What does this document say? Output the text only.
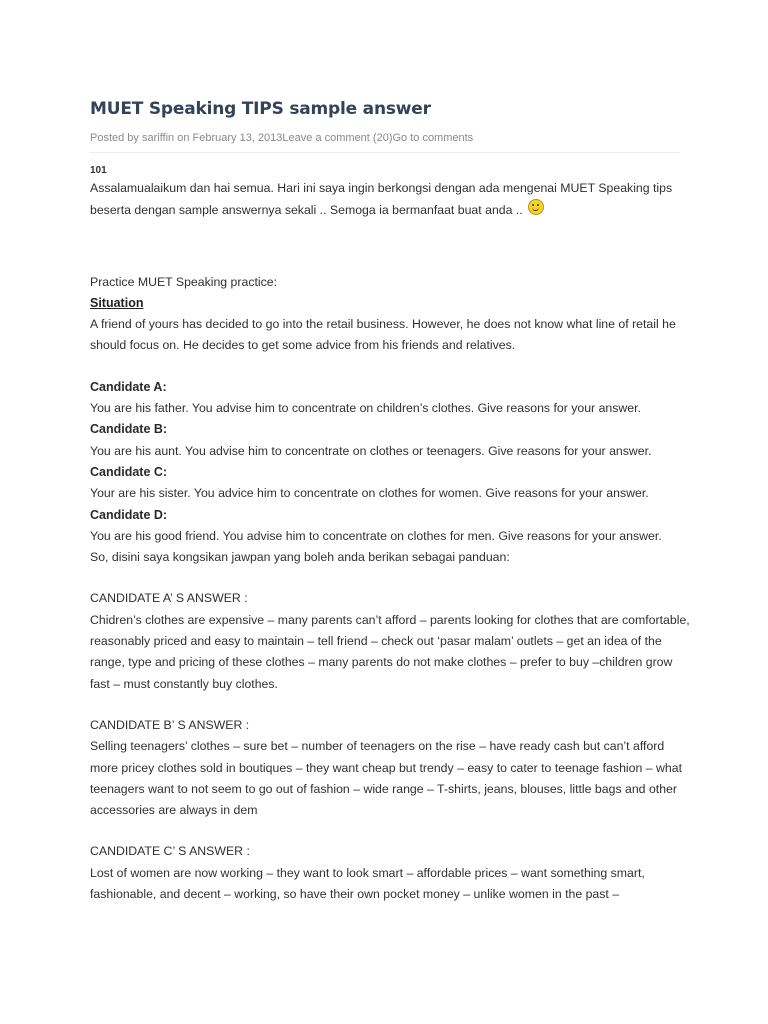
MUET Speaking TIPS sample answer
Posted by sariffin on February 13, 2013Leave a comment (20)Go to comments
101

Assalamualaikum dan hai semua. Hari ini saya ingin berkongsi dengan ada mengenai MUET Speaking tips beserta dengan sample answernya sekali .. Semoga ia bermanfaat buat anda ..

Practice MUET Speaking practice:

Situation

A friend of yours has decided to go into the retail business. However, he does not know what line of retail he should focus on. He decides to get some advice from his friends and relatives.

Candidate A:

You are his father. You advise him to concentrate on children’s clothes. Give reasons for your answer.

Candidate B:

You are his aunt. You advise him to concentrate on clothes or teenagers. Give reasons for your answer.

Candidate C:

Your are his sister. You advice him to concentrate on clothes for women. Give reasons for your answer.

Candidate D:

You are his good friend. You advise him to concentrate on clothes for men. Give reasons for your answer.

So, disini saya kongsikan jawpan yang boleh anda berikan sebagai panduan:

CANDIDATE A’ S ANSWER :

Chidren’s clothes are expensive – many parents can’t afford – parents looking for clothes that are comfortable, reasonably priced and easy to maintain – tell friend – check out ‘pasar malam’ outlets – get an idea of the range, type and pricing of these clothes – many parents do not make clothes – prefer to buy –children grow fast – must constantly buy clothes.

CANDIDATE B’ S ANSWER :

Selling teenagers’ clothes – sure bet – number of teenagers on the rise – have ready cash but can’t afford more pricey clothes sold in boutiques – they want cheap but trendy – easy to cater to teenage fashion – what teenagers want to not seem to go out of fashion – wide range – T-shirts, jeans, blouses, little bags and other accessories are always in dem

CANDIDATE C’ S ANSWER :

Lost of women are now working – they want to look smart – affordable prices – want something smart, fashionable, and decent – working, so have their own pocket money – unlike women in the past –
